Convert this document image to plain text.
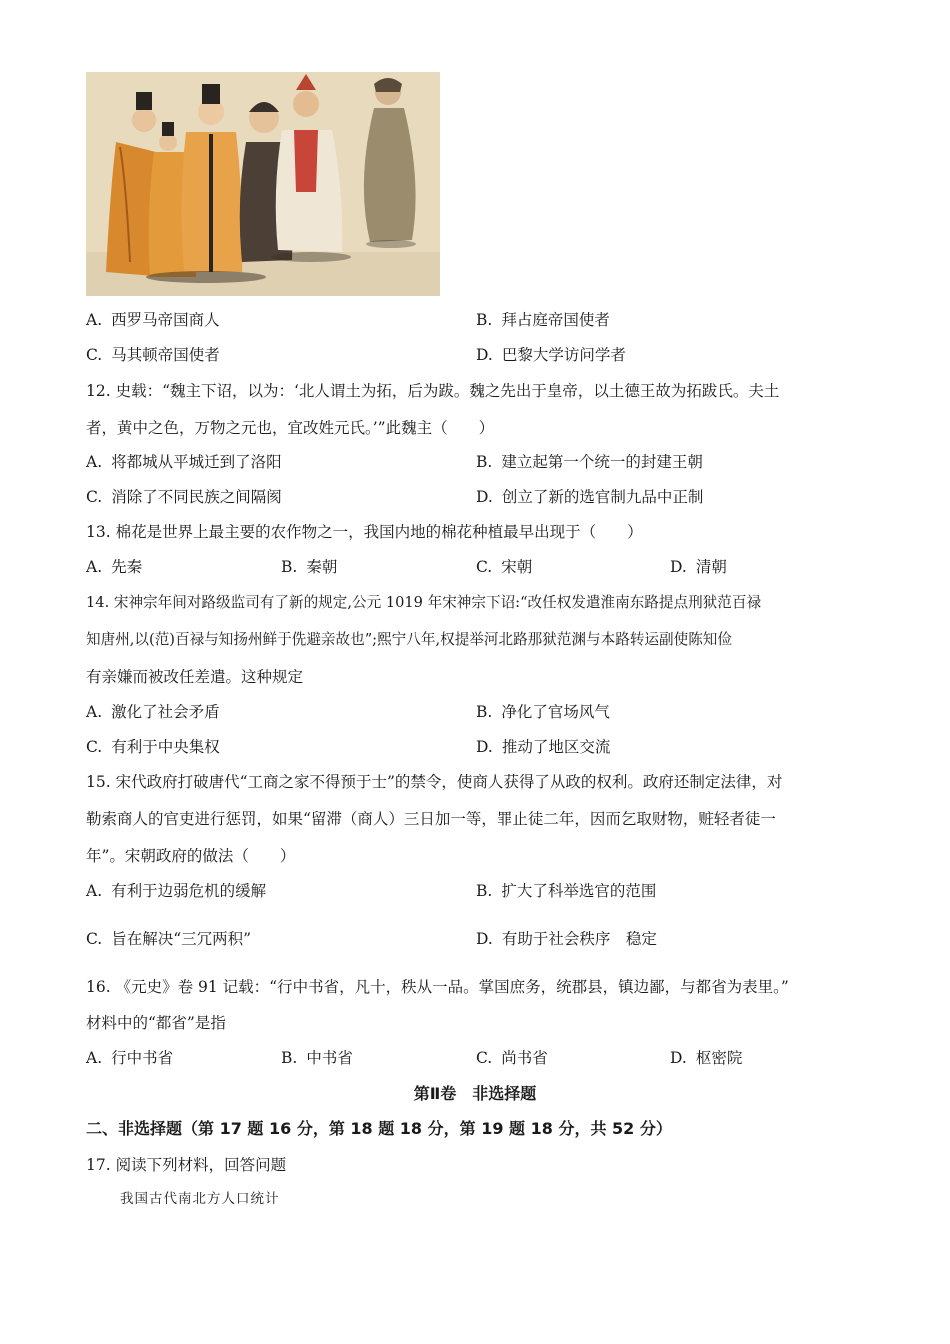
A. 西罗马帝国商人	B. 拜占庭帝国使者
C. 马其顿帝国使者	D. 巴黎大学访问学者
12. 史载：“魏主下诏，以为：‘北人谓土为拓，后为跋。魏之先出于皇帝，以土德王故为拓跋氏。夫土
者，黄中之色，万物之元也，宜改姓元氏。’”此魏主（　　）
A. 将都城从平城迁到了洛阳	B. 建立起第一个统一的封建王朝
C. 消除了不同民族之间隔阂	D. 创立了新的选官制九品中正制
13. 棉花是世界上最主要的农作物之一，我国内地的棉花种植最早出现于（　　）
A. 先秦	B. 秦朝	C. 宋朝	D. 清朝
14. 宋神宗年间对路级监司有了新的规定,公元 1019 年宋神宗下诏:“改任权发遣淮南东路提点刑狱范百禄
知唐州,以(范)百禄与知扬州鲜于侁避亲故也”;熙宁八年,权提举河北路那狱范渊与本路转运副使陈知俭
有亲嫌而被改任差遣。这种规定
A. 激化了社会矛盾	B. 净化了官场风气
C. 有利于中央集权	D. 推动了地区交流
15. 宋代政府打破唐代“工商之家不得预于士”的禁令，使商人获得了从政的权利。政府还制定法律，对
勒索商人的官吏进行惩罚，如果“留滞（商人）三日加一等，罪止徒二年，因而乞取财物，赃轻者徒一
年”。宋朝政府的做法（　　）
A. 有利于边弱危机的缓解	B. 扩大了科举选官的范围
C. 旨在解决“三冗两积”	D. 有助于社会秩序　稳定
16. 《元史》卷 91 记载：“行中书省，凡十，秩从一品。掌国庶务，统郡县，镇边鄙，与都省为表里。”
材料中的“都省”是指
A. 行中书省	B. 中书省	C. 尚书省	D. 枢密院
第Ⅱ卷　非选择题
二、非选择题（第 17 题 16 分，第 18 题 18 分，第 19 题 18 分，共 52 分）
17. 阅读下列材料，回答问题
我国古代南北方人口统计
